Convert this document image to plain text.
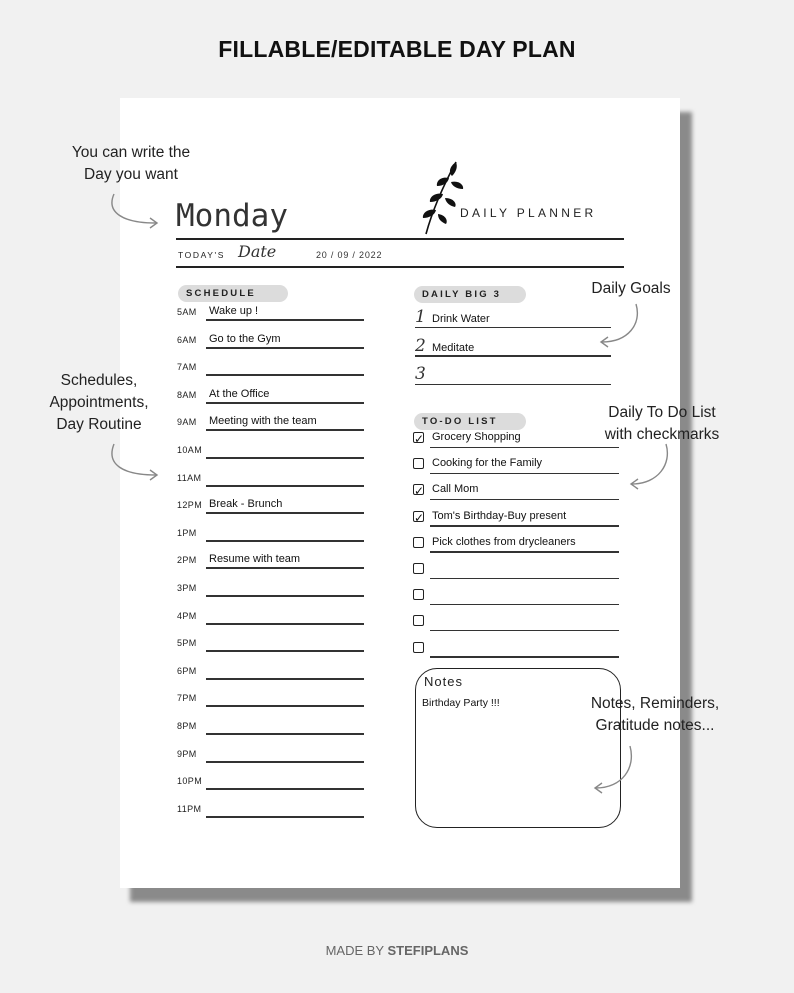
FILLABLE/EDITABLE DAY PLAN
Monday	DAILY PLANNER
TODAY'S Date	20 / 09 / 2022
SCHEDULE
5AM Wake up !
6AM Go to the Gym
7AM
8AM At the Office
9AM Meeting with the team
10AM
11AM
12PM Break - Brunch
1PM
2PM Resume with team
3PM
4PM
5PM
6PM
7PM
8PM
9PM
10PM
11PM
DAILY BIG 3
1 Drink Water
2 Meditate
3
TO-DO LIST
✓ Grocery Shopping
Cooking for the Family
✓ Call Mom
✓ Tom's Birthday-Buy present
Pick clothes from drycleaners
Notes
Birthday Party !!!
You can write the
Day you want
Schedules,
Appointments,
Day Routine
Daily Goals
Daily To Do List
with checkmarks
Notes, Reminders,
Gratitude notes...
MADE BY STEFIPLANS
